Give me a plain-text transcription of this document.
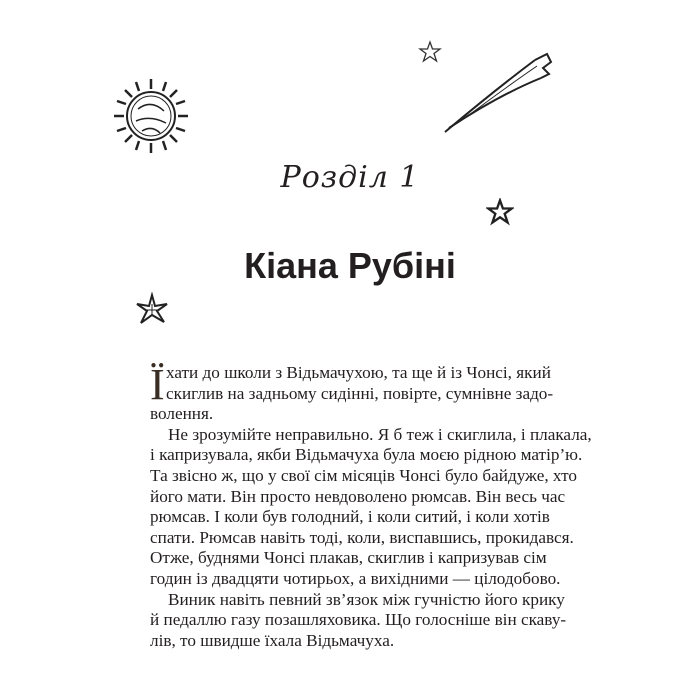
Розділ 1
Кіана Рубіні
Ї хати до школи з Відьмачухою, та ще й із Чонсі, який
скиглив на задньому сидінні, повірте, сумнівне задо-
волення.
Не зрозумійте неправильно. Я б теж і скиглила, і плакала,
і капризувала, якби Відьмачуха була моєю рідною матір’ю.
Та звісно ж, що у свої сім місяців Чонсі було байдуже, хто
його мати. Він просто невдоволено рюмсав. Він весь час
рюмсав. І коли був голодний, і коли ситий, і коли хотів
спати. Рюмсав навіть тоді, коли, виспавшись, прокидався.
Отже, буднями Чонсі плакав, скиглив і капризував сім
годин із двадцяти чотирьох, а вихідними — цілодобово.
Виник навіть певний зв’язок між гучністю його крику
й педаллю газу позашляховика. Що голосніше він скаву-
лів, то швидше їхала Відьмачуха.
